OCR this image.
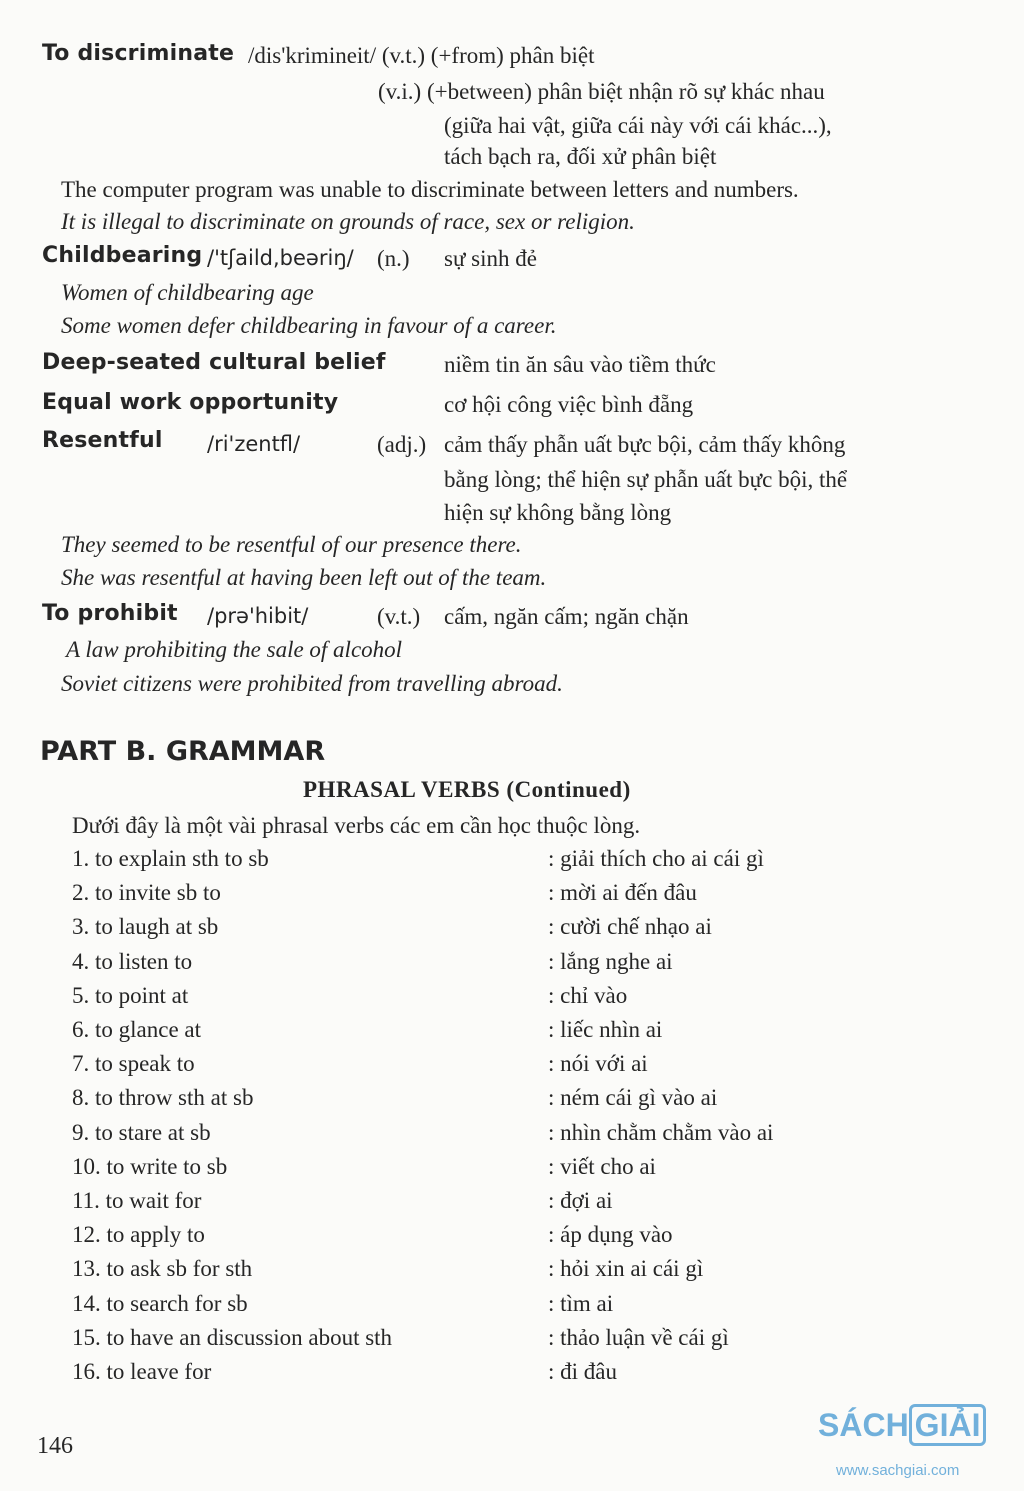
To discriminate /dis'krimineit/ (v.t.) (+from) phân biệt
(v.i.) (+between) phân biệt nhận rõ sự khác nhau
(giữa hai vật, giữa cái này với cái khác...),
tách bạch ra, đối xử phân biệt
The computer program was unable to discriminate between letters and numbers.
It is illegal to discriminate on grounds of race, sex or religion.
Childbearing /'tʃaild,beəriŋ/ (n.) sự sinh đẻ
Women of childbearing age
Some women defer childbearing in favour of a career.
Deep-seated cultural belief	niềm tin ăn sâu vào tiềm thức
Equal work opportunity	cơ hội công việc bình đẵng
Resentful /ri'zentfl/	(adj.) cảm thấy phẫn uất bực bội, cảm thấy không
bằng lòng; thể hiện sự phẫn uất bực bội, thể
hiện sự không bằng lòng
They seemed to be resentful of our presence there.
She was resentful at having been left out of the team.
To prohibit /prə'hibit/	(v.t.) cấm, ngăn cấm; ngăn chặn
A law prohibiting the sale of alcohol
Soviet citizens were prohibited from travelling abroad.
PART B. GRAMMAR
PHRASAL VERBS (Continued)
Dưới đây là một vài phrasal verbs các em cần học thuộc lòng.
1. to explain sth to sb	: giải thích cho ai cái gì
2. to invite sb to	: mời ai đến đâu
3. to laugh at sb	: cười chế nhạo ai
4. to listen to	: lắng nghe ai
5. to point at	: chỉ vào
6. to glance at	: liếc nhìn ai
7. to speak to	: nói với ai
8. to throw sth at sb	: ném cái gì vào ai
9. to stare at sb	: nhìn chằm chằm vào ai
10. to write to sb	: viết cho ai
11. to wait for	: đợi ai
12. to apply to	: áp dụng vào
13. to ask sb for sth	: hỏi xin ai cái gì
14. to search for sb	: tìm ai
15. to have an discussion about sth	: thảo luận về cái gì
16. to leave for	: đi đâu
146
SÁCH GIẢI
www.sachgiai.com
